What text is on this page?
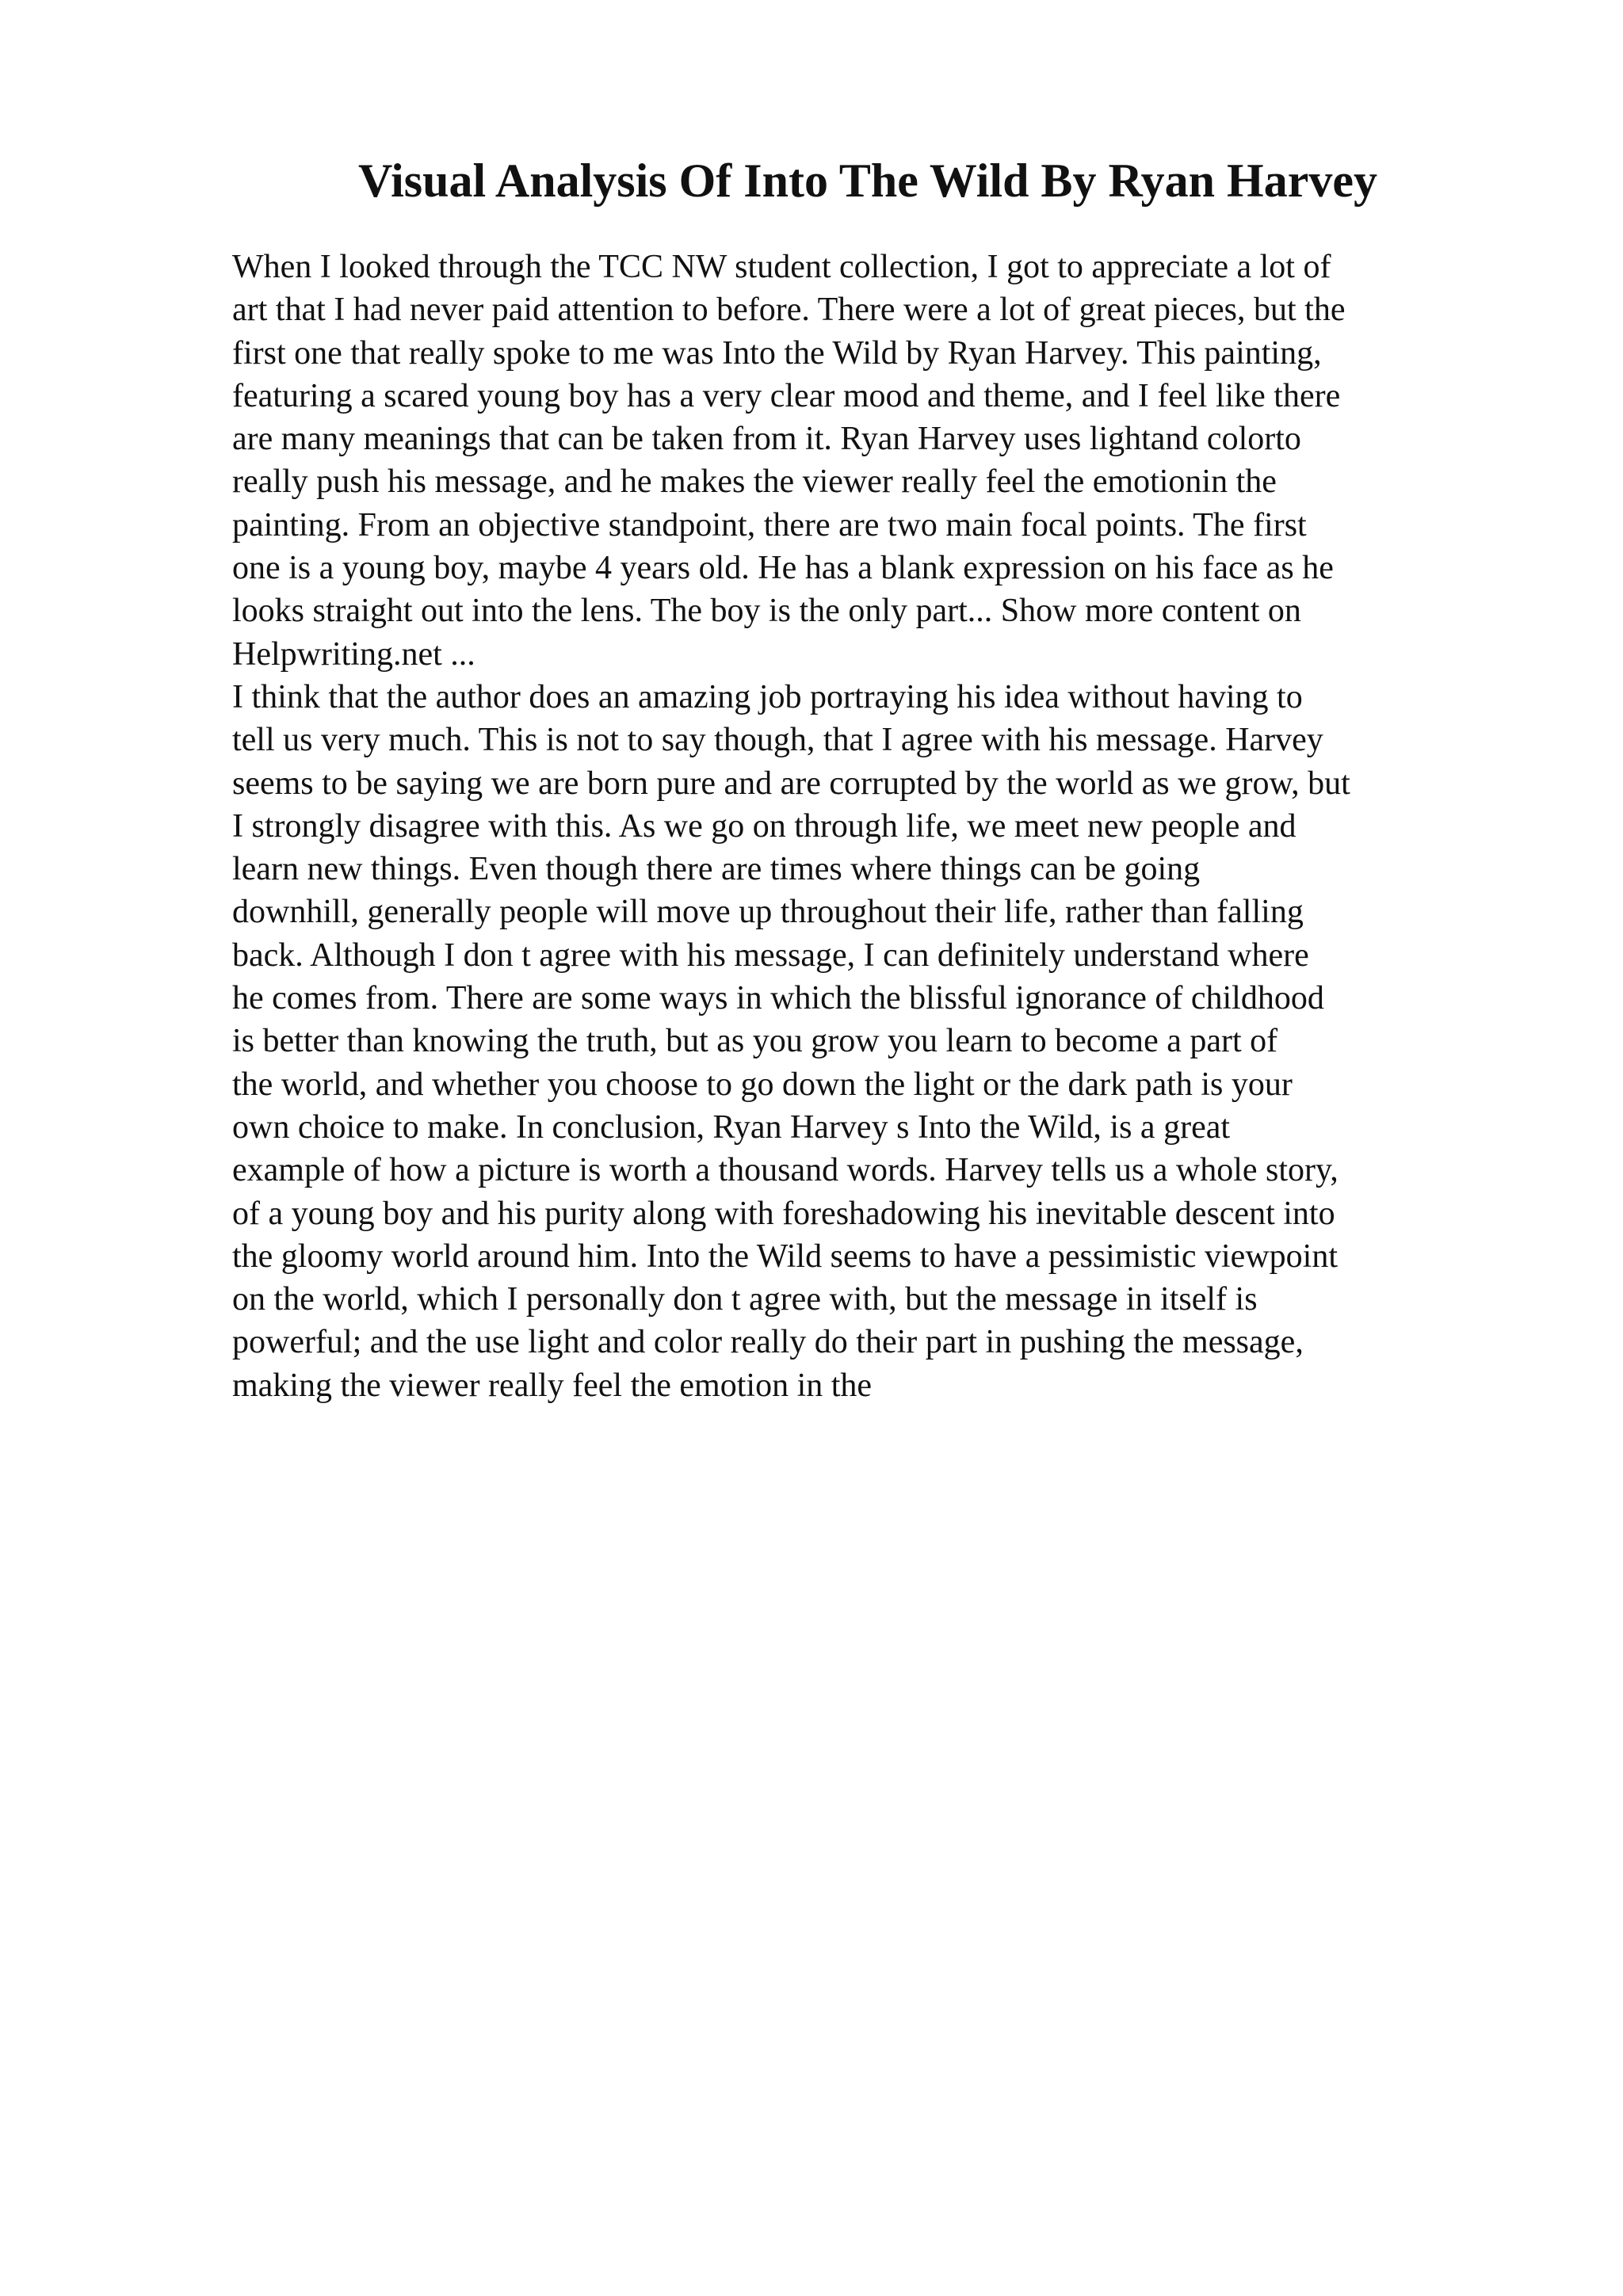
Visual Analysis Of Into The Wild By Ryan Harvey
When I looked through the TCC NW student collection, I got to appreciate a lot of
art that I had never paid attention to before. There were a lot of great pieces, but the
first one that really spoke to me was Into the Wild by Ryan Harvey. This painting,
featuring a scared young boy has a very clear mood and theme, and I feel like there
are many meanings that can be taken from it. Ryan Harvey uses lightand colorto
really push his message, and he makes the viewer really feel the emotionin the
painting. From an objective standpoint, there are two main focal points. The first
one is a young boy, maybe 4 years old. He has a blank expression on his face as he
looks straight out into the lens. The boy is the only part... Show more content on
Helpwriting.net ...
I think that the author does an amazing job portraying his idea without having to
tell us very much. This is not to say though, that I agree with his message. Harvey
seems to be saying we are born pure and are corrupted by the world as we grow, but
I strongly disagree with this. As we go on through life, we meet new people and
learn new things. Even though there are times where things can be going
downhill, generally people will move up throughout their life, rather than falling
back. Although I don t agree with his message, I can definitely understand where
he comes from. There are some ways in which the blissful ignorance of childhood
is better than knowing the truth, but as you grow you learn to become a part of
the world, and whether you choose to go down the light or the dark path is your
own choice to make. In conclusion, Ryan Harvey s Into the Wild, is a great
example of how a picture is worth a thousand words. Harvey tells us a whole story,
of a young boy and his purity along with foreshadowing his inevitable descent into
the gloomy world around him. Into the Wild seems to have a pessimistic viewpoint
on the world, which I personally don t agree with, but the message in itself is
powerful; and the use light and color really do their part in pushing the message,
making the viewer really feel the emotion in the
